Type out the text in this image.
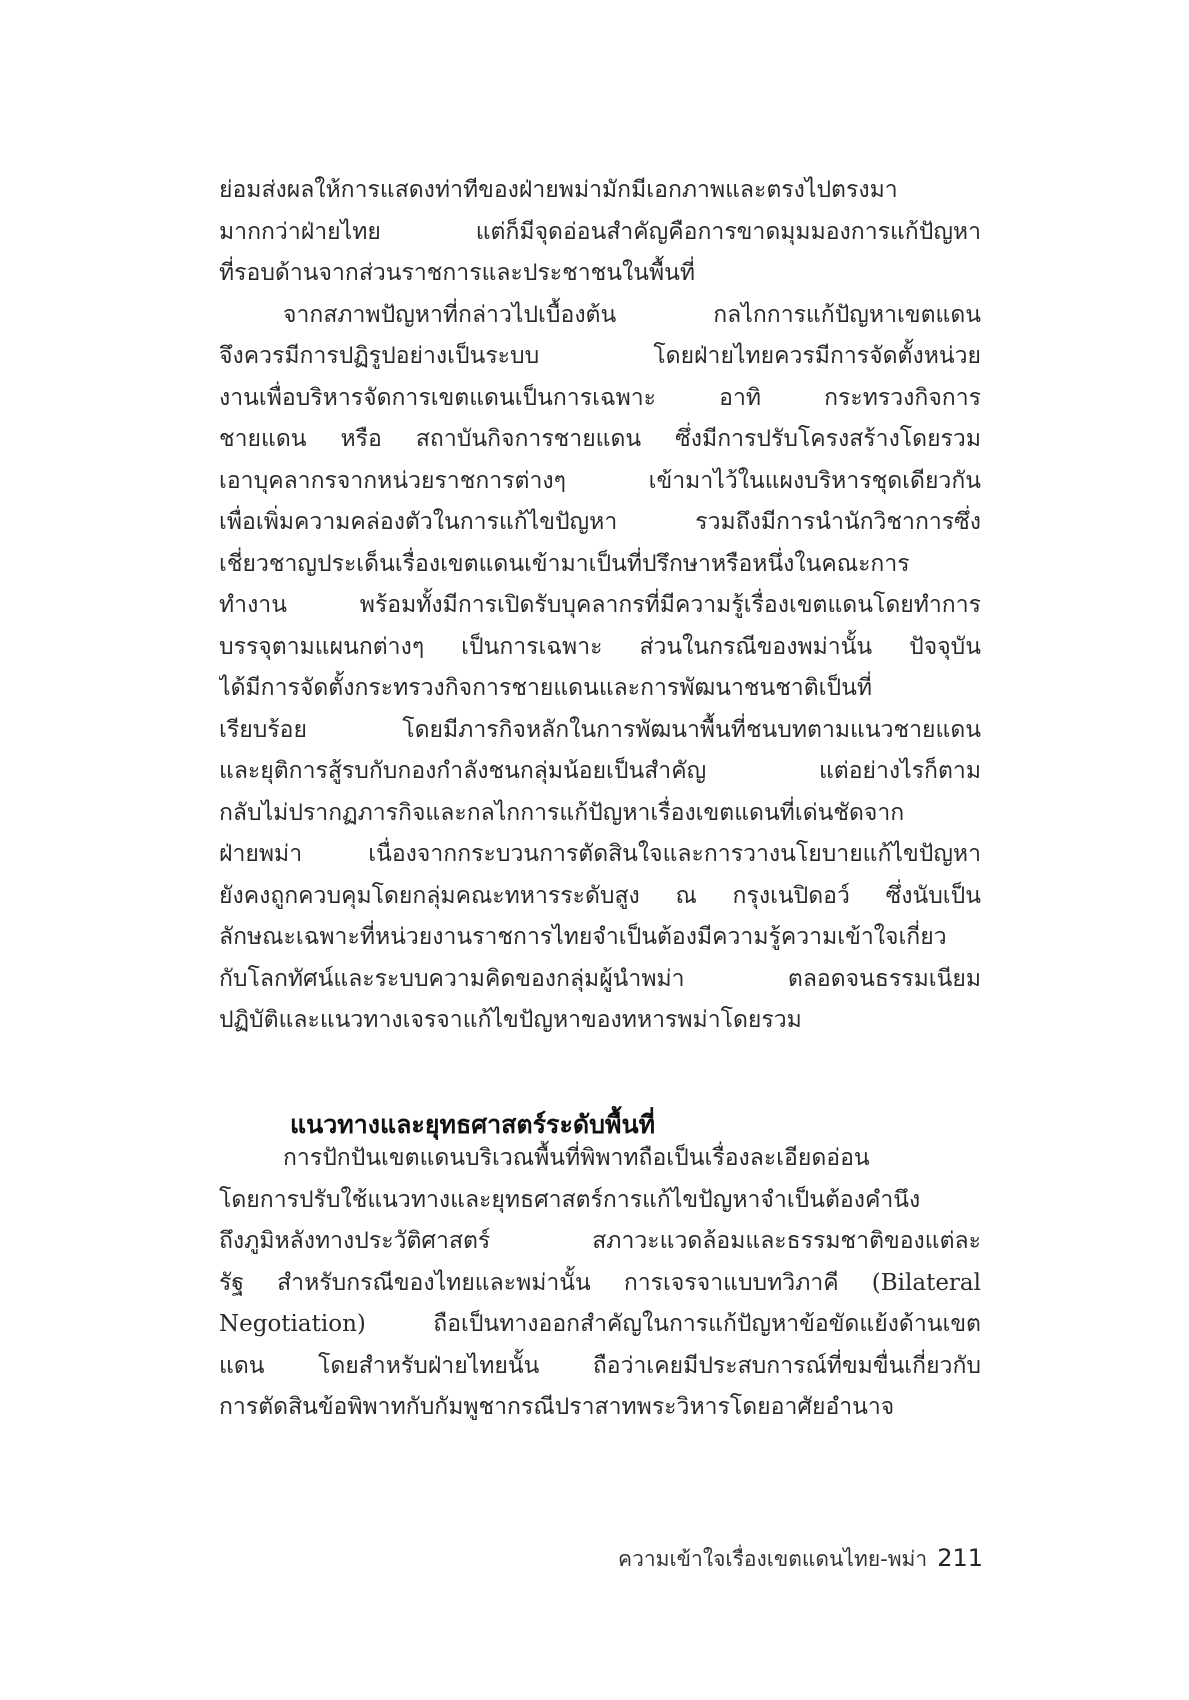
ย่อมส่งผลให้การแสดงท่าทีของฝ่ายพม่ามักมีเอกภาพและตรงไปตรงมา
มากกว่าฝ่ายไทย แต่ก็มีจุดอ่อนสำคัญคือการขาดมุมมองการแก้ปัญหา
ที่รอบด้านจากส่วนราชการและประชาชนในพื้นที่
จากสภาพปัญหาที่กล่าวไปเบื้องต้น กลไกการแก้ปัญหาเขตแดน
จึงควรมีการปฏิรูปอย่างเป็นระบบ โดยฝ่ายไทยควรมีการจัดตั้งหน่วย
งานเพื่อบริหารจัดการเขตแดนเป็นการเฉพาะ อาทิ กระทรวงกิจการ
ชายแดน หรือ สถาบันกิจการชายแดน ซึ่งมีการปรับโครงสร้างโดยรวม
เอาบุคลากรจากหน่วยราชการต่างๆ เข้ามาไว้ในแผงบริหารชุดเดียวกัน
เพื่อเพิ่มความคล่องตัวในการแก้ไขปัญหา รวมถึงมีการนำนักวิชาการซึ่ง
เชี่ยวชาญประเด็นเรื่องเขตแดนเข้ามาเป็นที่ปรึกษาหรือหนึ่งในคณะการ
ทำงาน พร้อมทั้งมีการเปิดรับบุคลากรที่มีความรู้เรื่องเขตแดนโดยทำการ
บรรจุตามแผนกต่างๆ เป็นการเฉพาะ ส่วนในกรณีของพม่านั้น ปัจจุบัน
ได้มีการจัดตั้งกระทรวงกิจการชายแดนและการพัฒนาชนชาติเป็นที่
เรียบร้อย โดยมีภารกิจหลักในการพัฒนาพื้นที่ชนบทตามแนวชายแดน
และยุติการสู้รบกับกองกำลังชนกลุ่มน้อยเป็นสำคัญ แต่อย่างไรก็ตาม
กลับไม่ปรากฏภารกิจและกลไกการแก้ปัญหาเรื่องเขตแดนที่เด่นชัดจาก
ฝ่ายพม่า เนื่องจากกระบวนการตัดสินใจและการวางนโยบายแก้ไขปัญหา
ยังคงถูกควบคุมโดยกลุ่มคณะทหารระดับสูง ณ กรุงเนปิดอว์ ซึ่งนับเป็น
ลักษณะเฉพาะที่หน่วยงานราชการไทยจำเป็นต้องมีความรู้ความเข้าใจเกี่ยว
กับโลกทัศน์และระบบความคิดของกลุ่มผู้นำพม่า ตลอดจนธรรมเนียม
ปฏิบัติและแนวทางเจรจาแก้ไขปัญหาของทหารพม่าโดยรวม
แนวทางและยุทธศาสตร์ระดับพื้นที่
การปักปันเขตแดนบริเวณพื้นที่พิพาทถือเป็นเรื่องละเอียดอ่อน
โดยการปรับใช้แนวทางและยุทธศาสตร์การแก้ไขปัญหาจำเป็นต้องคำนึง
ถึงภูมิหลังทางประวัติศาสตร์ สภาวะแวดล้อมและธรรมชาติของแต่ละ
รัฐ สำหรับกรณีของไทยและพม่านั้น การเจรจาแบบทวิภาคี (Bilateral
Negotiation) ถือเป็นทางออกสำคัญในการแก้ปัญหาข้อขัดแย้งด้านเขต
แดน โดยสำหรับฝ่ายไทยนั้น ถือว่าเคยมีประสบการณ์ที่ขมขื่นเกี่ยวกับ
การตัดสินข้อพิพาทกับกัมพูชากรณีปราสาทพระวิหารโดยอาศัยอำนาจ
ความเข้าใจเรื่องเขตแดนไทย-พม่า 211
